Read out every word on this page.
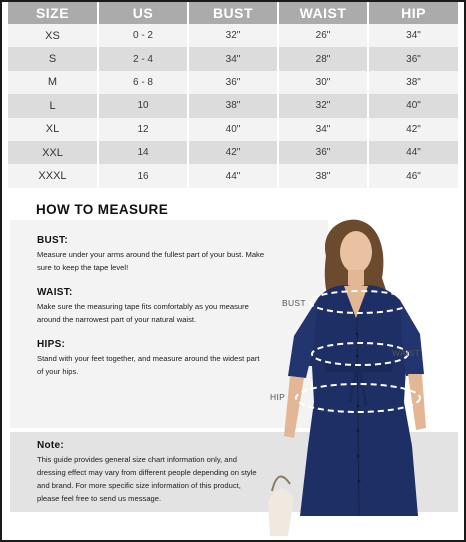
SIZE	US	BUST	WAIST	HIP
XS	0 - 2	32"	26"	34"
S	2 - 4	34"	28"	36"
M	6 - 8	36"	30"	38"
L	10	38"	32"	40"
XL	12	40"	34"	42"
XXL	14	42"	36"	44"
XXXL	16	44"	38"	46"
HOW TO MEASURE
BUST:
Measure under your arms around the fullest part of your bust. Make sure to keep the tape level!
WAIST:
Make sure the measuring tape fits comfortably as you measure around the narrowest part of your natural waist.
HIPS:
Stand with your feet together, and measure around the widest part of your hips.
Note:
This guide provides general size chart information only, and dressing effect may vary from different people depending on style and brand. For more specific size information of this product, please feel free to send us message.
BUST
WAIST
HIP
